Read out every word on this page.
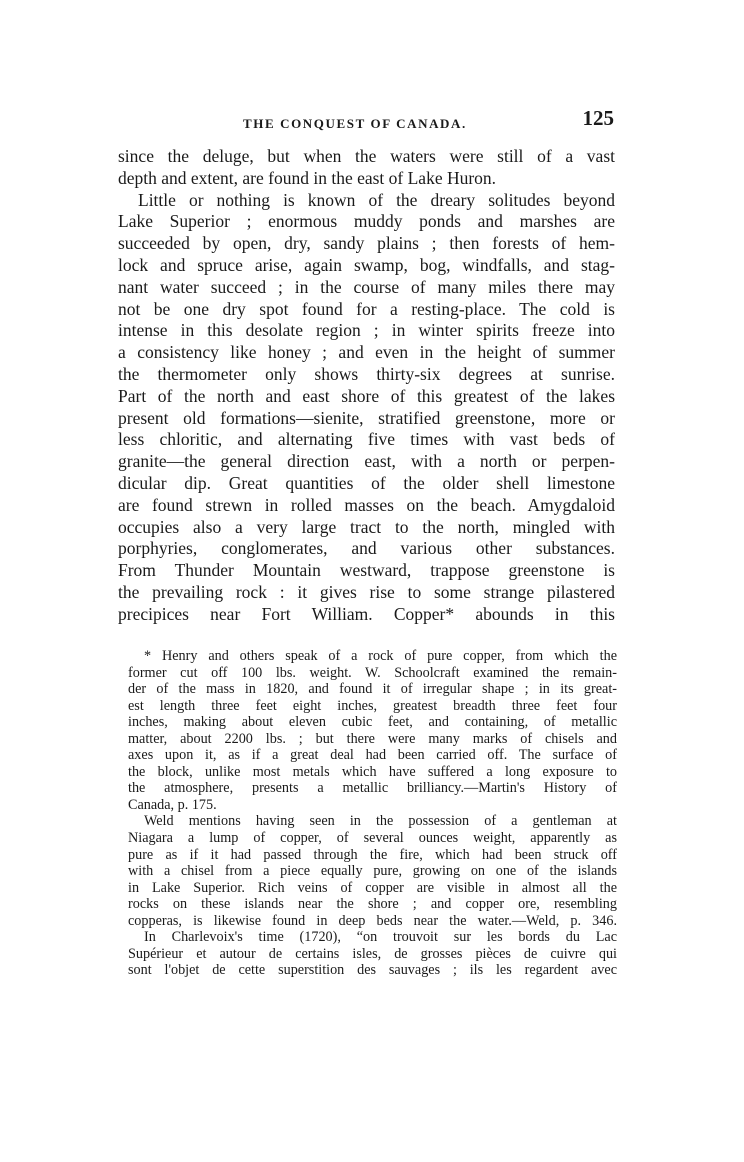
THE CONQUEST OF CANADA.	125
since the deluge, but when the waters were still of a vast
depth and extent, are found in the east of Lake Huron.
Little or nothing is known of the dreary solitudes beyond
Lake Superior ; enormous muddy ponds and marshes are
succeeded by open, dry, sandy plains ; then forests of hem-
lock and spruce arise, again swamp, bog, windfalls, and stag-
nant water succeed ; in the course of many miles there may
not be one dry spot found for a resting-place. The cold is
intense in this desolate region ; in winter spirits freeze into
a consistency like honey ; and even in the height of summer
the thermometer only shows thirty-six degrees at sunrise.
Part of the north and east shore of this greatest of the lakes
present old formations—sienite, stratified greenstone, more or
less chloritic, and alternating five times with vast beds of
granite—the general direction east, with a north or perpen-
dicular dip. Great quantities of the older shell limestone
are found strewn in rolled masses on the beach. Amygdaloid
occupies also a very large tract to the north, mingled with
porphyries, conglomerates, and various other substances.
From Thunder Mountain westward, trappose greenstone is
the prevailing rock : it gives rise to some strange pilastered
precipices near Fort William. Copper* abounds in this
* Henry and others speak of a rock of pure copper, from which the
former cut off 100 lbs. weight. W. Schoolcraft examined the remain-
der of the mass in 1820, and found it of irregular shape ; in its great-
est length three feet eight inches, greatest breadth three feet four
inches, making about eleven cubic feet, and containing, of metallic
matter, about 2200 lbs. ; but there were many marks of chisels and
axes upon it, as if a great deal had been carried off. The surface of
the block, unlike most metals which have suffered a long exposure to
the atmosphere, presents a metallic brilliancy.—Martin's History of
Canada, p. 175.
Weld mentions having seen in the possession of a gentleman at
Niagara a lump of copper, of several ounces weight, apparently as
pure as if it had passed through the fire, which had been struck off
with a chisel from a piece equally pure, growing on one of the islands
in Lake Superior. Rich veins of copper are visible in almost all the
rocks on these islands near the shore ; and copper ore, resembling
copperas, is likewise found in deep beds near the water.—Weld, p. 346.
In Charlevoix's time (1720), “on trouvoit sur les bords du Lac
Supérieur et autour de certains isles, de grosses pièces de cuivre qui
sont l'objet de cette superstition des sauvages ; ils les regardent avec
